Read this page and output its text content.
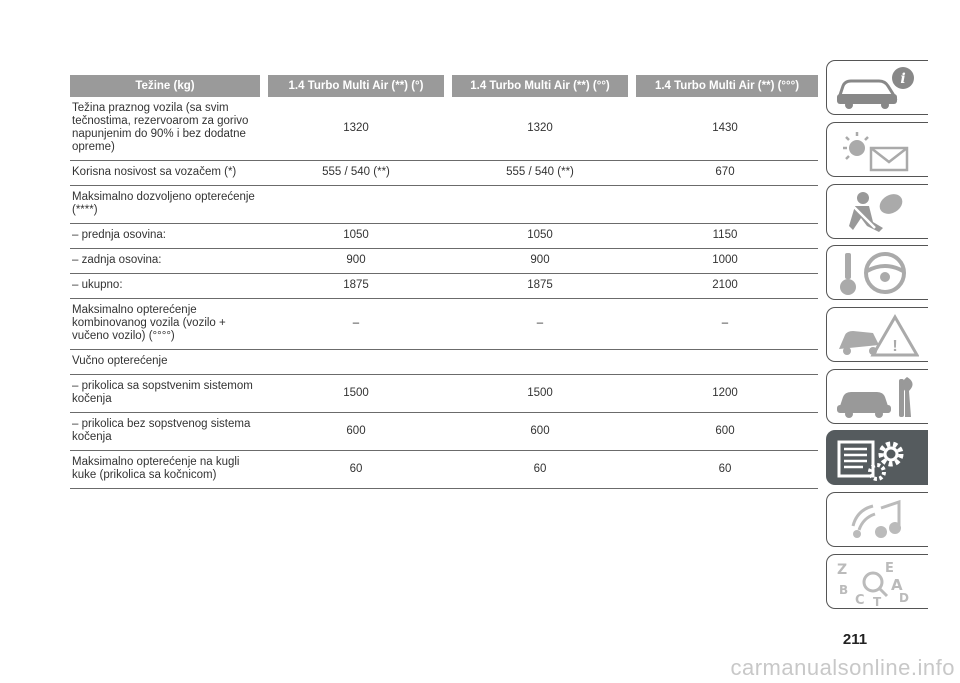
Težine (kg)	1.4 Turbo Multi Air (**) (°)	1.4 Turbo Multi Air (**) (°°)	1.4 Turbo Multi Air (**) (°°°)
Težina praznog vozila (sa svim tečnostima, rezervoarom za gorivo napunjenim do 90% i bez dodatne opreme)	1320	1320	1430
Korisna nosivost sa vozačem (*)	555 / 540 (**)	555 / 540 (**)	670
Maksimalno dozvoljeno opterećenje (****)			
– prednja osovina:	1050	1050	1150
– zadnja osovina:	900	900	1000
– ukupno:	1875	1875	2100
Maksimalno opterećenje kombinovanog vozila (vozilo + vučeno vozilo) (°°°°)	–	–	–
Vučno opterećenje			
– prikolica sa sopstvenim sistemom kočenja	1500	1500	1200
– prikolica bez sopstvenog sistema kočenja	600	600	600
Maksimalno opterećenje na kugli kuke (prikolica sa kočnicom)	60	60	60
i
!
Z	E
B	A
C	D
T
211
carmanualsonline.info
